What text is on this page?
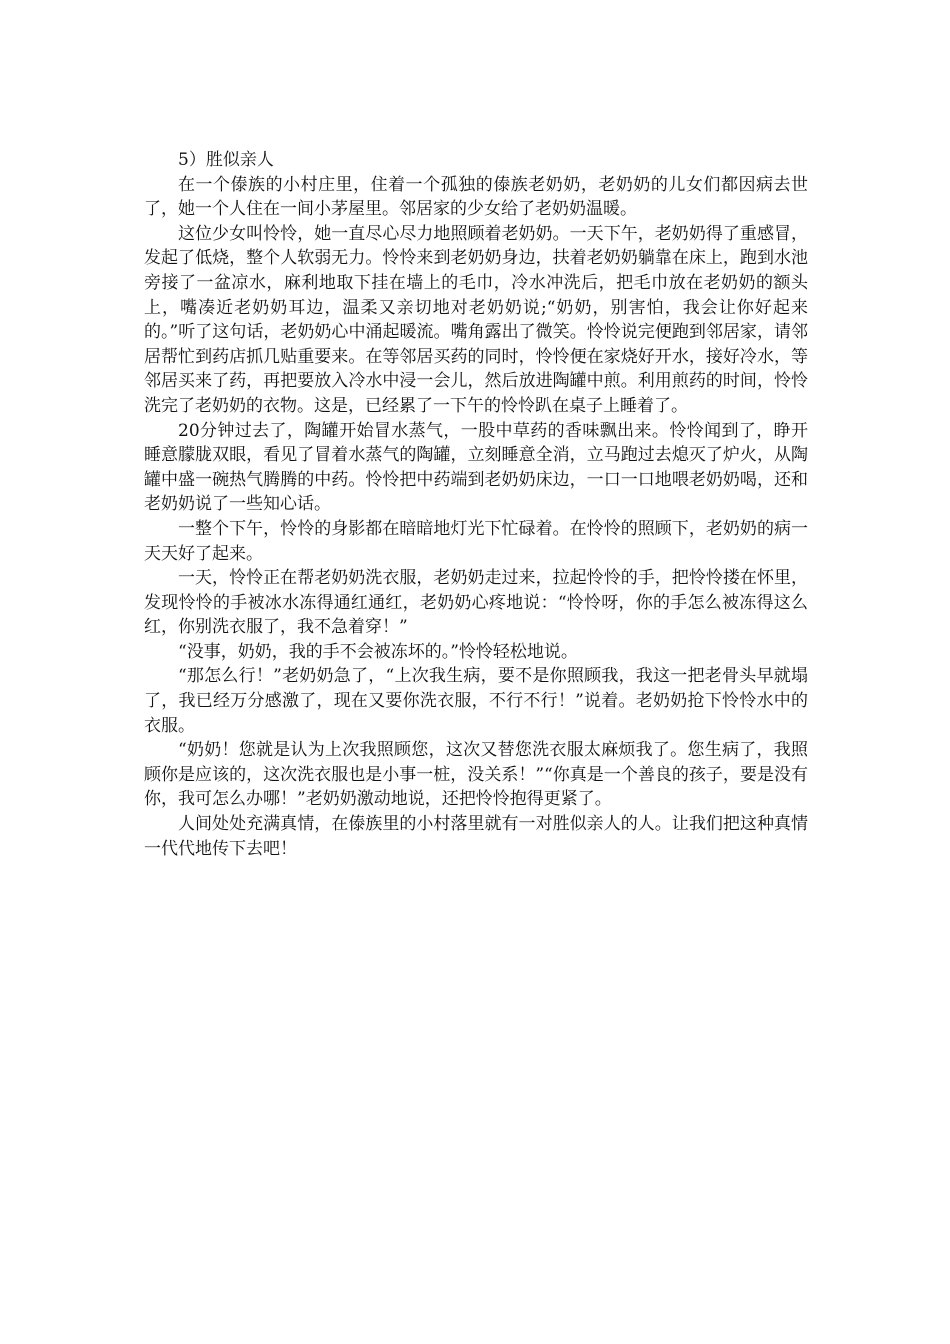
5）胜似亲人

在一个傣族的小村庄里，住着一个孤独的傣族老奶奶，老奶奶的儿女们都因病去世了，她一个人住在一间小茅屋里。邻居家的少女给了老奶奶温暖。

这位少女叫怜怜，她一直尽心尽力地照顾着老奶奶。一天下午，老奶奶得了重感冒，发起了低烧，整个人软弱无力。怜怜来到老奶奶身边，扶着老奶奶躺靠在床上，跑到水池旁接了一盆凉水，麻利地取下挂在墙上的毛巾，冷水冲洗后，把毛巾放在老奶奶的额头上，嘴凑近老奶奶耳边，温柔又亲切地对老奶奶说;“奶奶，别害怕，我会让你好起来的。”听了这句话，老奶奶心中涌起暖流。嘴角露出了微笑。怜怜说完便跑到邻居家，请邻居帮忙到药店抓几贴重要来。在等邻居买药的同时，怜怜便在家烧好开水，接好冷水，等邻居买来了药，再把要放入冷水中浸一会儿，然后放进陶罐中煎。利用煎药的时间，怜怜洗完了老奶奶的衣物。这是，已经累了一下午的怜怜趴在桌子上睡着了。

20分钟过去了，陶罐开始冒水蒸气，一股中草药的香味飘出来。怜怜闻到了，睁开睡意朦胧双眼，看见了冒着水蒸气的陶罐，立刻睡意全消，立马跑过去熄灭了炉火，从陶罐中盛一碗热气腾腾的中药。怜怜把中药端到老奶奶床边，一口一口地喂老奶奶喝，还和老奶奶说了一些知心话。

一整个下午，怜怜的身影都在暗暗地灯光下忙碌着。在怜怜的照顾下，老奶奶的病一天天好了起来。

一天，怜怜正在帮老奶奶洗衣服，老奶奶走过来，拉起怜怜的手，把怜怜搂在怀里，发现怜怜的手被冰水冻得通红通红，老奶奶心疼地说：“怜怜呀，你的手怎么被冻得这么红，你别洗衣服了，我不急着穿！”

“没事，奶奶，我的手不会被冻坏的。”怜怜轻松地说。

“那怎么行！”老奶奶急了，“上次我生病，要不是你照顾我，我这一把老骨头早就塌了，我已经万分感激了，现在又要你洗衣服，不行不行！”说着。老奶奶抢下怜怜水中的衣服。

“奶奶！您就是认为上次我照顾您，这次又替您洗衣服太麻烦我了。您生病了，我照顾你是应该的，这次洗衣服也是小事一桩，没关系！”“你真是一个善良的孩子，要是没有你，我可怎么办哪！”老奶奶激动地说，还把怜怜抱得更紧了。

人间处处充满真情，在傣族里的小村落里就有一对胜似亲人的人。让我们把这种真情一代代地传下去吧！
